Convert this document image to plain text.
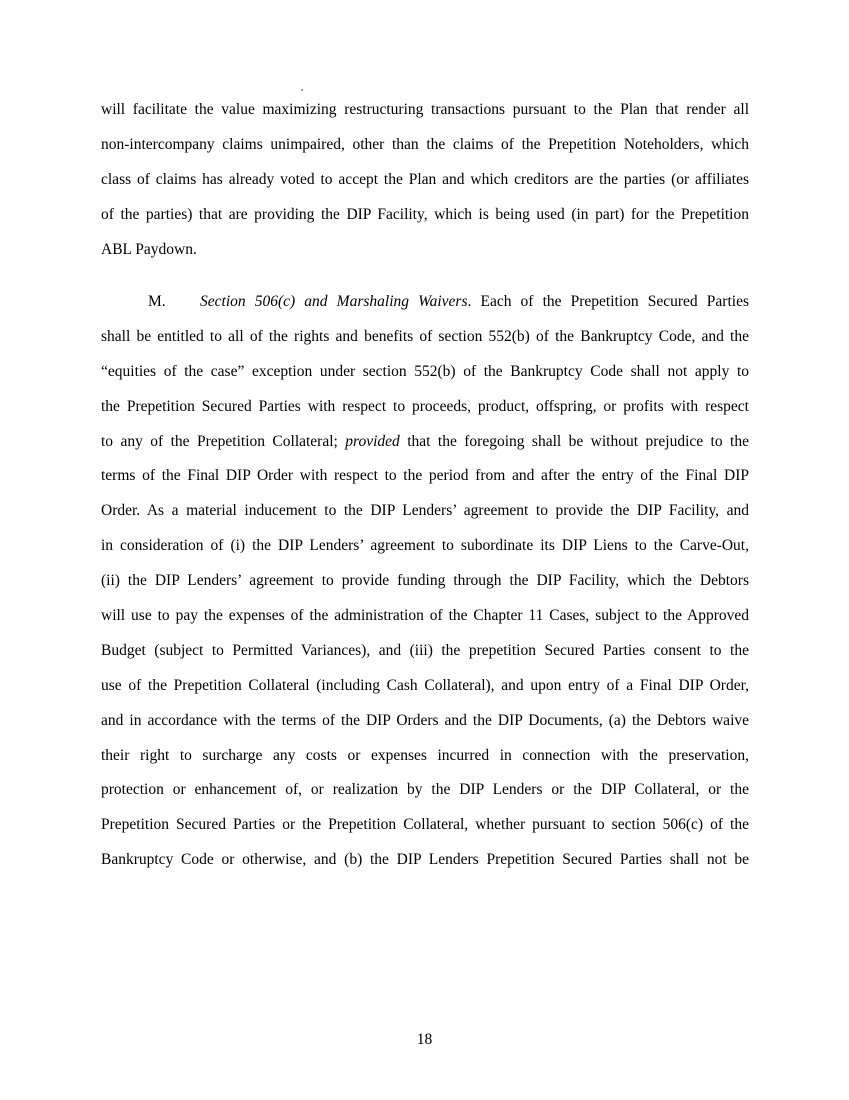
will facilitate the value maximizing restructuring transactions pursuant to the Plan that render all
non-intercompany claims unimpaired, other than the claims of the Prepetition Noteholders, which
class of claims has already voted to accept the Plan and which creditors are the parties (or affiliates
of the parties) that are providing the DIP Facility, which is being used (in part) for the Prepetition
ABL Paydown.
M. Section 506(c) and Marshaling Waivers. Each of the Prepetition Secured Parties
shall be entitled to all of the rights and benefits of section 552(b) of the Bankruptcy Code, and the
“equities of the case” exception under section 552(b) of the Bankruptcy Code shall not apply to
the Prepetition Secured Parties with respect to proceeds, product, offspring, or profits with respect
to any of the Prepetition Collateral; provided that the foregoing shall be without prejudice to the
terms of the Final DIP Order with respect to the period from and after the entry of the Final DIP
Order. As a material inducement to the DIP Lenders’ agreement to provide the DIP Facility, and
in consideration of (i) the DIP Lenders’ agreement to subordinate its DIP Liens to the Carve-Out,
(ii) the DIP Lenders’ agreement to provide funding through the DIP Facility, which the Debtors
will use to pay the expenses of the administration of the Chapter 11 Cases, subject to the Approved
Budget (subject to Permitted Variances), and (iii) the prepetition Secured Parties consent to the
use of the Prepetition Collateral (including Cash Collateral), and upon entry of a Final DIP Order,
and in accordance with the terms of the DIP Orders and the DIP Documents, (a) the Debtors waive
their right to surcharge any costs or expenses incurred in connection with the preservation,
protection or enhancement of, or realization by the DIP Lenders or the DIP Collateral, or the
Prepetition Secured Parties or the Prepetition Collateral, whether pursuant to section 506(c) of the
Bankruptcy Code or otherwise, and (b) the DIP Lenders Prepetition Secured Parties shall not be
18
